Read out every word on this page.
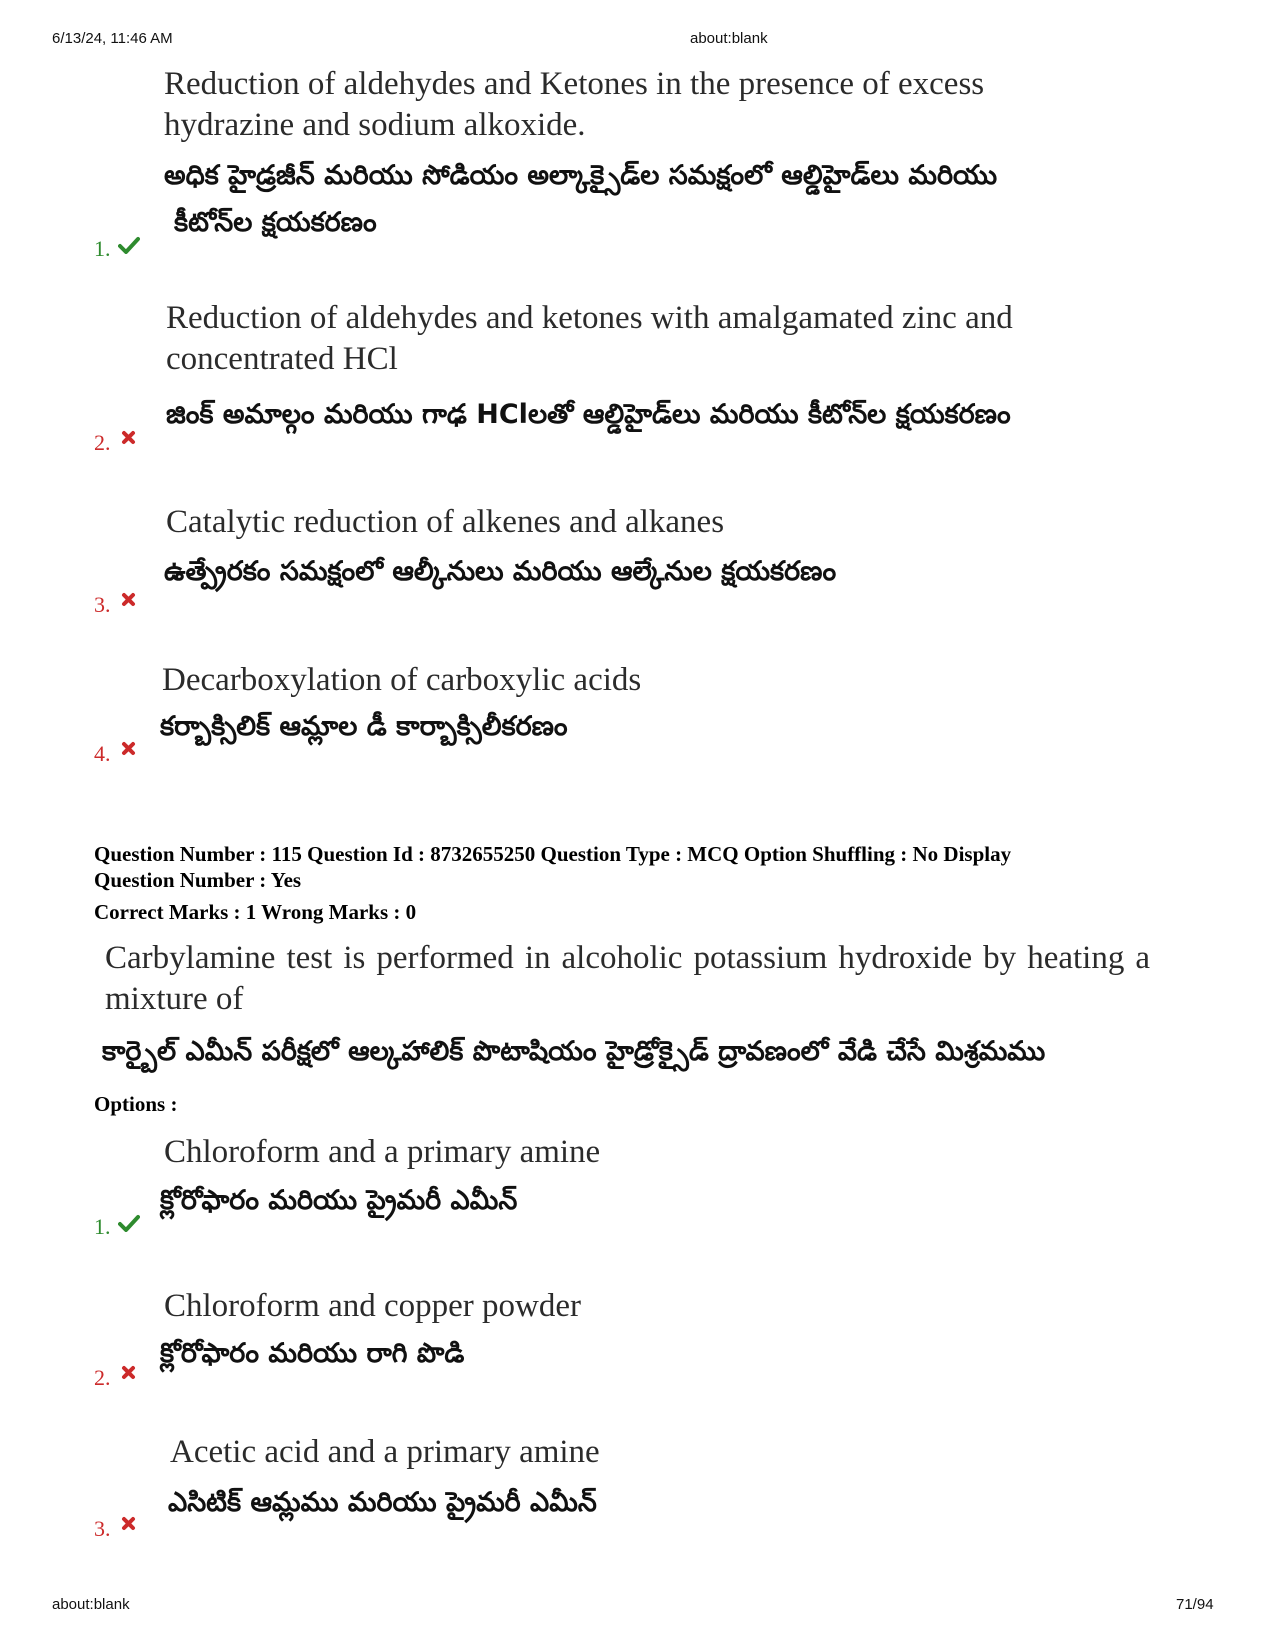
6/13/24, 11:46 AM	about:blank
about:blank	71/94
Reduction of aldehydes and Ketones in the presence of excess
hydrazine and sodium alkoxide.
అధిక హైడ్రజీన్ మరియు సోడియం అల్కాక్సైడ్‌ల సమక్షంలో ఆల్డిహైడ్‌లు మరియు
కీటోన్‌ల క్షయకరణం
1.
Reduction of aldehydes and ketones with amalgamated zinc and
concentrated HCl
జింక్ అమాల్గం మరియు గాఢ HClలతో ఆల్డిహైడ్‌లు మరియు కీటోన్‌ల క్షయకరణం
2.
Catalytic reduction of alkenes and alkanes
ఉత్ప్రేరకం సమక్షంలో ఆల్కీనులు మరియు ఆల్కేనుల క్షయకరణం
3.
Decarboxylation of carboxylic acids
కర్బాక్సిలిక్ ఆమ్లాల డీ కార్బాక్సిలీకరణం
4.
Question Number : 115 Question Id : 8732655250 Question Type : MCQ Option Shuffling : No Display
Question Number : Yes
Correct Marks : 1 Wrong Marks : 0
Carbylamine test is performed in alcoholic potassium hydroxide by heating a mixture of
కార్బైల్ ఎమీన్ పరీక్షలో ఆల్కహాలిక్ పొటాషియం హైడ్రోక్సైడ్ ద్రావణంలో వేడి చేసే మిశ్రమము
Options :
Chloroform and a primary amine
క్లోరోఫారం మరియు ప్రైమరీ ఎమీన్
1.
Chloroform and copper powder
క్లోరోఫారం మరియు రాగి పొడి
2.
Acetic acid and a primary amine
ఎసిటిక్ ఆమ్లము మరియు ప్రైమరీ ఎమీన్
3.
